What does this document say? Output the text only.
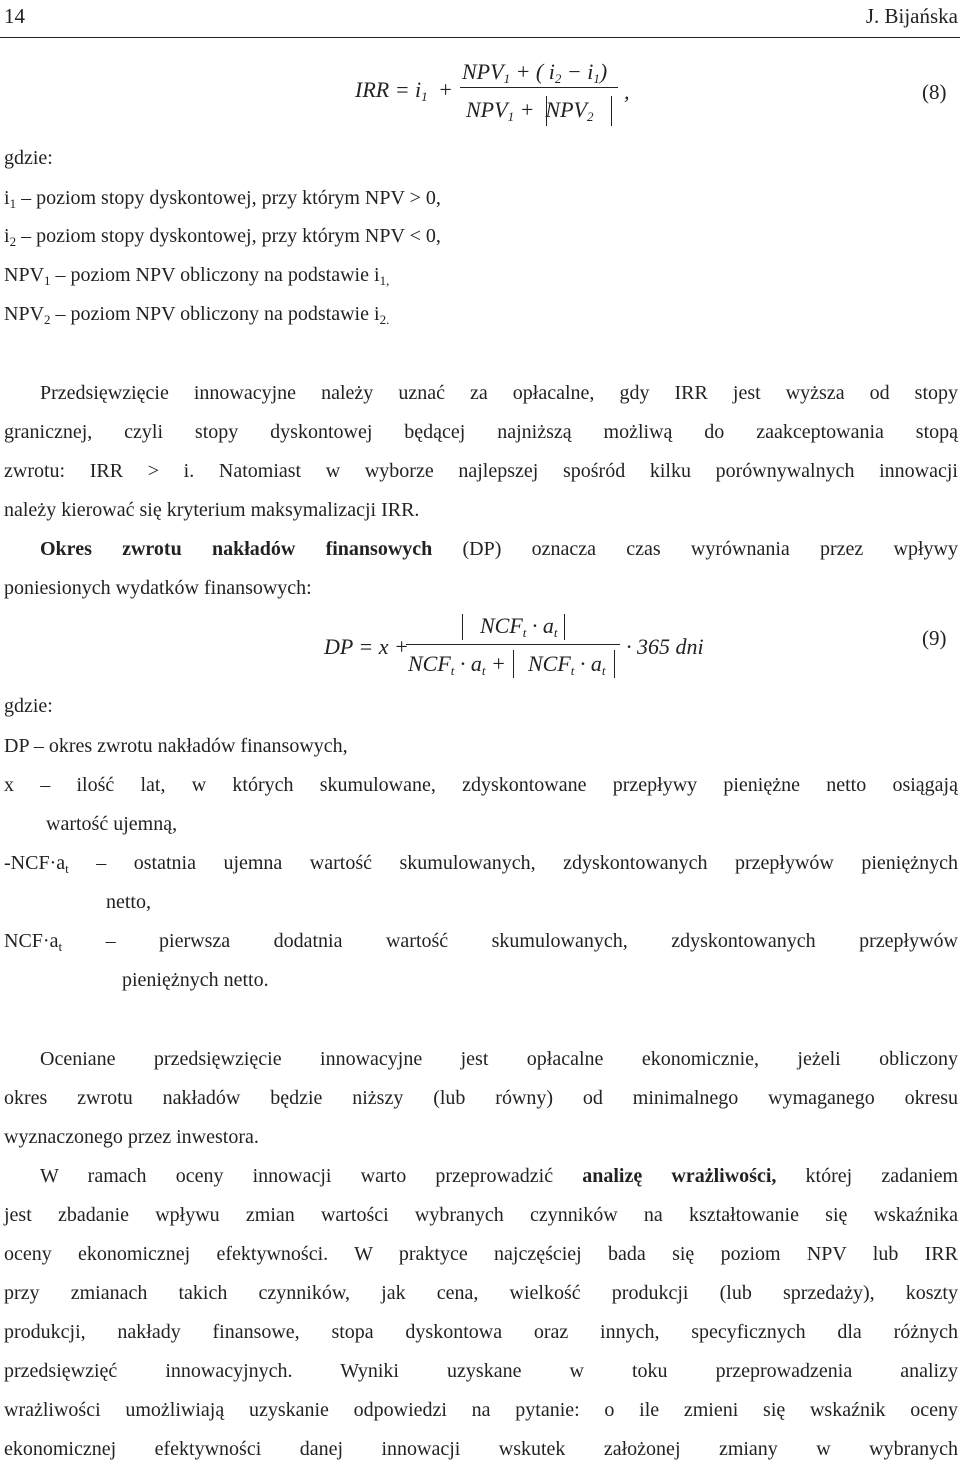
14	J. Bijańska
IRR = $i_1$ +
$NPV_1$ + ( $i_2 - i_1$)
$NPV_1 + NPV_2$
,	(8)
gdzie:
$i_1$ – poziom stopy dyskontowej, przy którym NPV > 0,
$i_2$ – poziom stopy dyskontowej, przy którym NPV < 0,
$NPV_1$ – poziom NPV obliczony na podstawie $i_{1,}$
$NPV_2$ – poziom NPV obliczony na podstawie $i_{2.}$
Przedsięwzięcie innowacyjne należy uznać za opłacalne, gdy IRR jest wyższa od stopy
granicznej, czyli stopy dyskontowej będącej najniższą możliwą do zaakceptowania stopą
zwrotu: IRR > i. Natomiast w wyborze najlepszej spośród kilku porównywalnych innowacji
należy kierować się kryterium maksymalizacji IRR.
Okres zwrotu nakładów finansowych (DP) oznacza czas wyrównania przez wpływy
poniesionych wydatków finansowych:
DP = x +
$NCF_t \cdot a_t$
$NCF_t \cdot a_t + NCF_t \cdot a_t$
· 365 dni	(9)
gdzie:
DP – okres zwrotu nakładów finansowych,
x – ilość lat, w których skumulowane, zdyskontowane przepływy pieniężne netto osiągają
wartość ujemną,
$-NCF\cdot a_t$ – ostatnia ujemna wartość skumulowanych, zdyskontowanych przepływów pieniężnych
netto,
$NCF\cdot a_t$ – pierwsza dodatnia wartość skumulowanych, zdyskontowanych przepływów
pieniężnych netto.
Oceniane przedsięwzięcie innowacyjne jest opłacalne ekonomicznie, jeżeli obliczony
okres zwrotu nakładów będzie niższy (lub równy) od minimalnego wymaganego okresu
wyznaczonego przez inwestora.
W ramach oceny innowacji warto przeprowadzić analizę wrażliwości, której zadaniem
jest zbadanie wpływu zmian wartości wybranych czynników na kształtowanie się wskaźnika
oceny ekonomicznej efektywności. W praktyce najczęściej bada się poziom NPV lub IRR
przy zmianach takich czynników, jak cena, wielkość produkcji (lub sprzedaży), koszty
produkcji, nakłady finansowe, stopa dyskontowa oraz innych, specyficznych dla różnych
przedsięwzięć innowacyjnych. Wyniki uzyskane w toku przeprowadzenia analizy
wrażliwości umożliwiają uzyskanie odpowiedzi na pytanie: o ile zmieni się wskaźnik oceny
ekonomicznej efektywności danej innowacji wskutek założonej zmiany w wybranych
